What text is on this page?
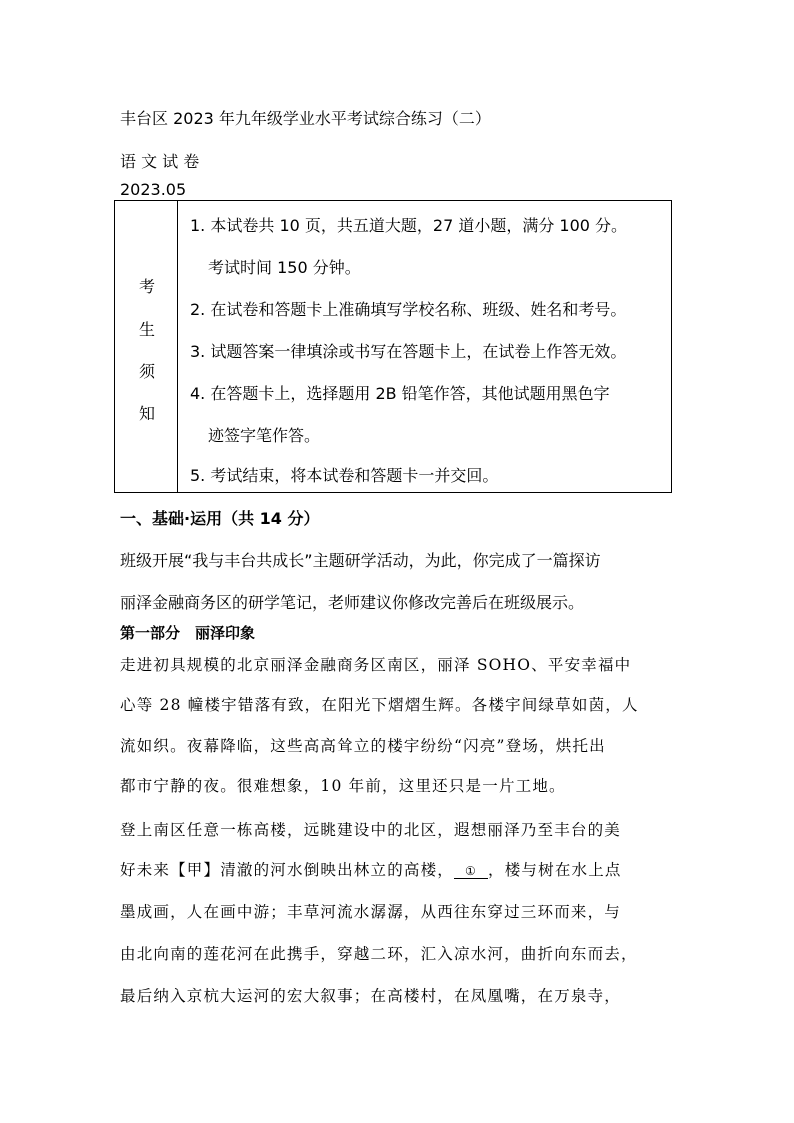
丰台区 2023 年九年级学业水平考试综合练习（二）
语 文 试 卷
2023.05
考
生
须
知

1. 本试卷共 10 页，共五道大题，27 道小题，满分 100 分。
考试时间 150 分钟。
2. 在试卷和答题卡上准确填写学校名称、班级、姓名和考号。
3. 试题答案一律填涂或书写在答题卡上，在试卷上作答无效。
4. 在答题卡上，选择题用 2B 铅笔作答，其他试题用黑色字
迹签字笔作答。
5. 考试结束，将本试卷和答题卡一并交回。
一、基础·运用（共 14 分）
班级开展“我与丰台共成长”主题研学活动，为此，你完成了一篇探访
丽泽金融商务区的研学笔记，老师建议你修改完善后在班级展示。
第一部分　丽泽印象
走进初具规模的北京丽泽金融商务区南区，丽泽 SOHO、平安幸福中
心等 28 幢楼宇错落有致，在阳光下熠熠生辉。各楼宇间绿草如茵，人
流如织。夜幕降临，这些高高耸立的楼宇纷纷“闪亮”登场，烘托出
都市宁静的夜。很难想象，10 年前，这里还只是一片工地。
登上南区任意一栋高楼，远眺建设中的北区，遐想丽泽乃至丰台的美
好未来【甲】清澈的河水倒映出林立的高楼， ① ，楼与树在水上点
墨成画，人在画中游；丰草河流水潺潺，从西往东穿过三环而来，与
由北向南的莲花河在此携手，穿越二环，汇入凉水河，曲折向东而去，
最后纳入京杭大运河的宏大叙事；在高楼村，在凤凰嘴，在万泉寺，
